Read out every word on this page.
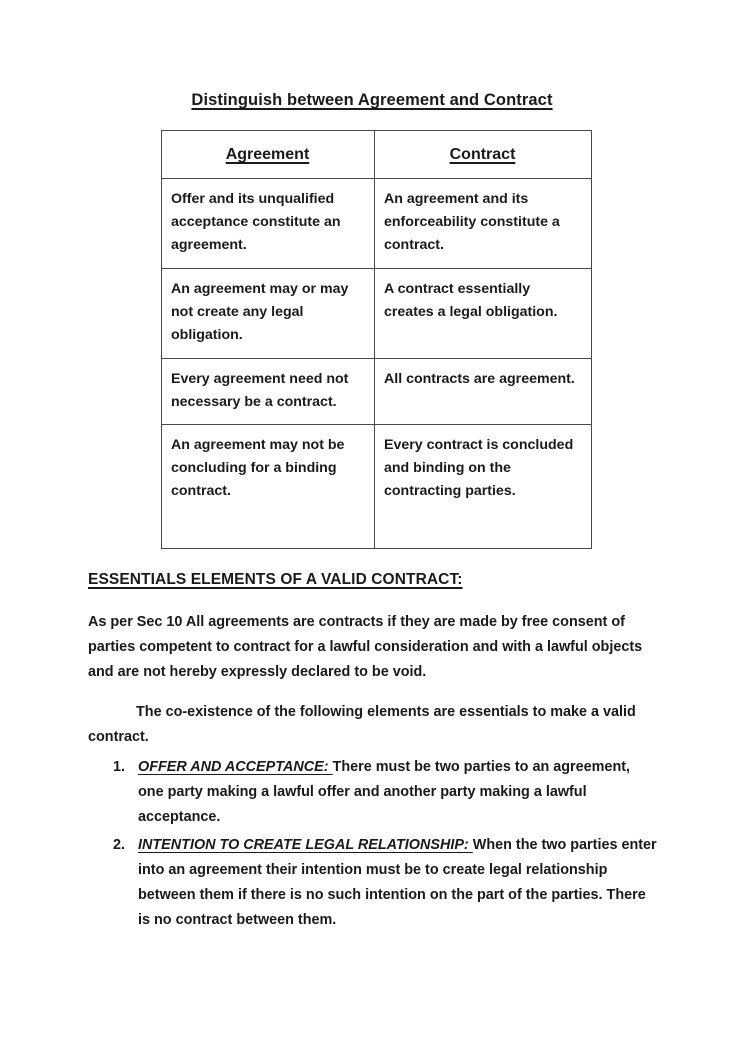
Distinguish between Agreement and Contract
Agreement	Contract
Offer and its unqualified acceptance constitute an agreement.	An agreement and its enforceability constitute a contract.
An agreement may or may not create any legal obligation.	A contract essentially creates a legal obligation.
Every agreement need not necessary be a contract.	All contracts are agreement.
An agreement may not be concluding for a binding contract.	Every contract is concluded and binding on the contracting parties.
ESSENTIALS ELEMENTS OF A VALID CONTRACT:

As per Sec 10 All agreements are contracts if they are made by free consent of parties competent to contract for a lawful consideration and with a lawful objects and are not hereby expressly declared to be void.

The co-existence of the following elements are essentials to make a valid contract.

1. OFFER AND ACCEPTANCE: There must be two parties to an agreement, one party making a lawful offer and another party making a lawful acceptance.
2. INTENTION TO CREATE LEGAL RELATIONSHIP: When the two parties enter into an agreement their intention must be to create legal relationship between them if there is no such intention on the part of the parties. There is no contract between them.
